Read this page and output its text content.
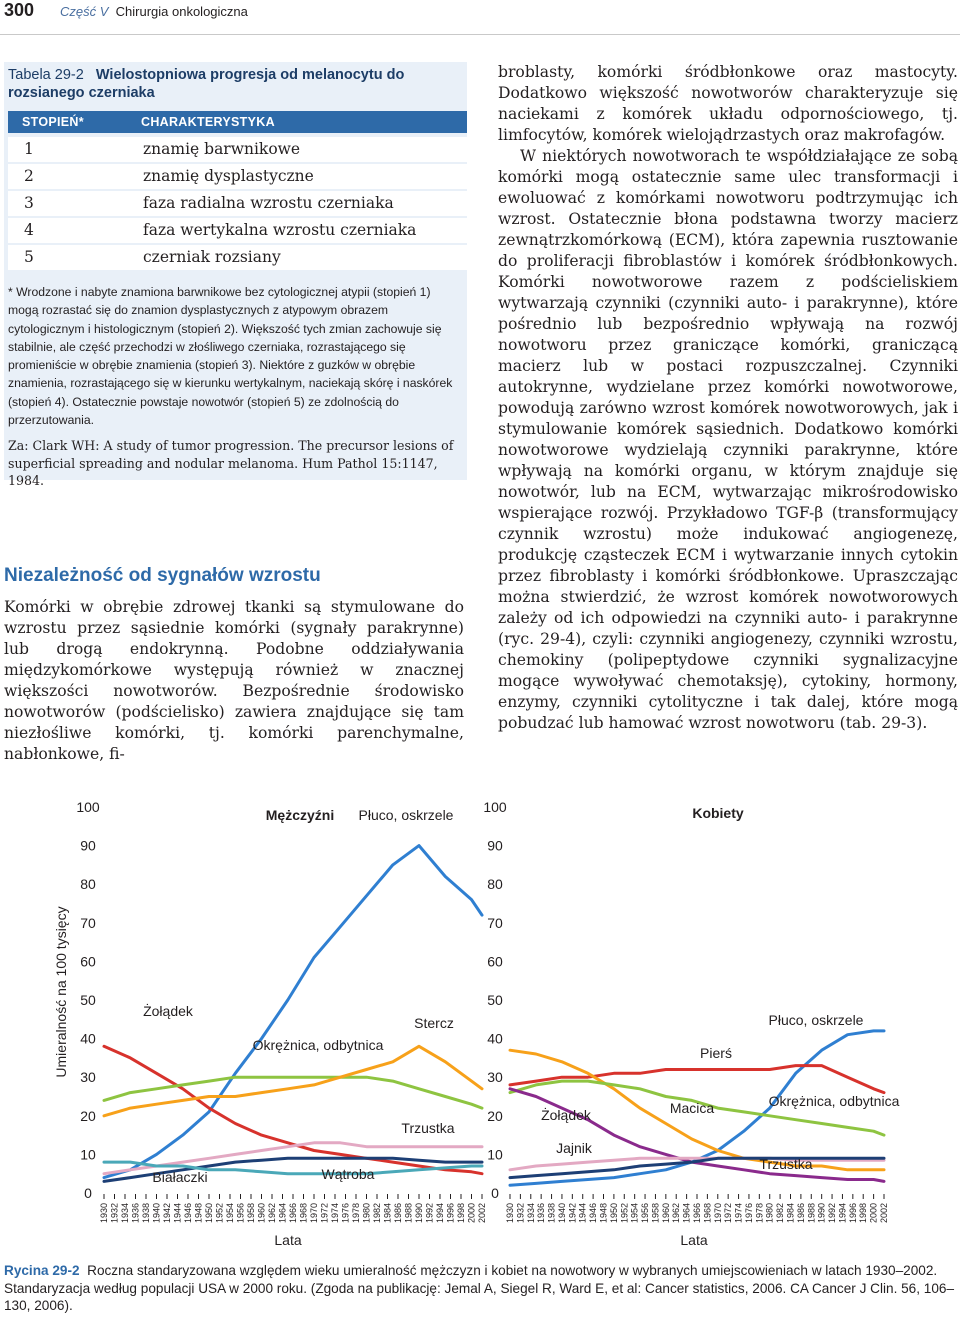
300 Część V Chirurgia onkologiczna
Tabela 29-2 Wielostopniowa progresja od melanocytu do rozsianego czerniaka
STOPIEŃ*	CHARAKTERYSTYKA
1	znamię barwnikowe
2	znamię dysplastyczne
3	faza radialna wzrostu czerniaka
4	faza wertykalna wzrostu czerniaka
5	czerniak rozsiany
* Wrodzone i nabyte znamiona barwnikowe bez cytologicznej atypii (stopień 1) mogą rozrastać się do znamion dysplastycznych z atypowym obrazem cytologicznym i histologicznym (stopień 2). Większość tych zmian zachowuje się stabilnie, ale część przechodzi w złośliwego czerniaka, rozrastającego się promieniście w obrębie znamienia (stopień 3). Niektóre z guzków w obrębie znamienia, rozrastającego się w kierunku wertykalnym, naciekają skórę i naskórek (stopień 4). Ostatecznie powstaje nowotwór (stopień 5) ze zdolnością do przerzutowania.
Za: Clark WH: A study of tumor progression. The precursor lesions of superficial spreading and nodular melanoma. Hum Pathol 15:1147, 1984.
Niezależność od sygnałów wzrostu

Komórki w obrębie zdrowej tkanki są stymulowane do wzrostu przez sąsiednie komórki (sygnały parakrynne) lub drogą endokrynną. Podobne oddziaływania międzykomórkowe występują również w znacznej większości nowotworów. Bezpośrednie środowisko nowotworów (podścielisko) zawiera znajdujące się tam niezłośliwe komórki, tj. komórki parenchymalne, nabłonkowe, fi-

broblasty, komórki śródbłonkowe oraz mastocyty. Dodatkowo większość nowotworów charakteryzuje się naciekami z komórek układu odpornościowego, tj. limfocytów, komórek wielojądrzastych oraz makrofagów.

W niektórych nowotworach te współdziałające ze sobą komórki mogą ostatecznie same ulec transformacji i ewoluować z komórkami nowotworu podtrzymując ich wzrost. Ostatecznie błona podstawna tworzy macierz zewnątrzkomórkową (ECM), która zapewnia rusztowanie do proliferacji fibroblastów i komórek śródbłonkowych. Komórki nowotworowe razem z podścieliskiem wytwarzają czynniki (czynniki auto- i parakrynne), które pośrednio lub bezpośrednio wpływają na rozwój nowotworu przez graniczące komórki, graniczącą macierz lub w postaci rozpuszczalnej. Czynniki autokrynne, wydzielane przez komórki nowotworowe, powodują zarówno wzrost komórek nowotworowych, jak i stymulowanie komórek sąsiednich. Dodatkowo komórki nowotworowe wydzielają czynniki parakrynne, które wpływają na komórki organu, w którym znajduje się nowotwór, lub na ECM, wytwarzając mikrośrodowisko wspierające rozwój. Przykładowo TGF-β (transformujący czynnik wzrostu) może indukować angiogenezę, produkcję cząsteczek ECM i wytwarzanie innych cytokin przez fibroblasty i komórki śródbłonkowe. Upraszczając można stwierdzić, że wzrost komórek nowotworowych zależy od ich odpowiedzi na czynniki auto- i parakrynne (ryc. 29-4), czyli: czynniki angiogenezy, czynniki wzrostu, chemokiny (polipeptydowe czynniki sygnalizacyjne mogące wywoływać chemotaksję), cytokiny, hormony, enzymy, czynniki cytolityczne i tak dalej, które mogą pobudzać lub hamować wzrost nowotworu (tab. 29-3).

Umieralność na 100 tysięcy
Mężczyźni
0
10
20
30
40
50
60
70
80
90
100
1930 1932 1934 1936 1938 1940 1942 1944 1946 1948 1950 1952 1954 1956 1958 1960 1962 1964 1966 1968 1970 1972 1974 1976 1978 1980 1982 1984 1986 1988 1990 1992 1994 1996 1998 2000 2002
Lata
Płuco, oskrzele
Żołądek
Okrężnica, odbytnica
Stercz
Trzustka
Białaczki	Wątroba
Kobiety
0
10
20
30
40
50
60
70
80
90
100
1930 1932 1934 1936 1938 1940 1942 1944 1946 1948 1950 1952 1954 1956 1958 1960 1962 1964 1966 1968 1970 1972 1974 1976 1978 1980 1982 1984 1986 1988 1990 1992 1994 1996 1998 2000 2002
Lata
Płuco, oskrzele
Pierś
Macica	Okrężnica, odbytnica
Żołądek
Jajnik
Trzustka
Rycina 29-2 Roczna standaryzowana względem wieku umieralność mężczyzn i kobiet na nowotwory w wybranych umiejscowieniach w latach 1930–2002. Standaryzacja według populacji USA w 2000 roku. (Zgoda na publikację: Jemal A, Siegel R, Ward E, et al: Cancer statistics, 2006. CA Cancer J Clin. 56, 106–130, 2006).
